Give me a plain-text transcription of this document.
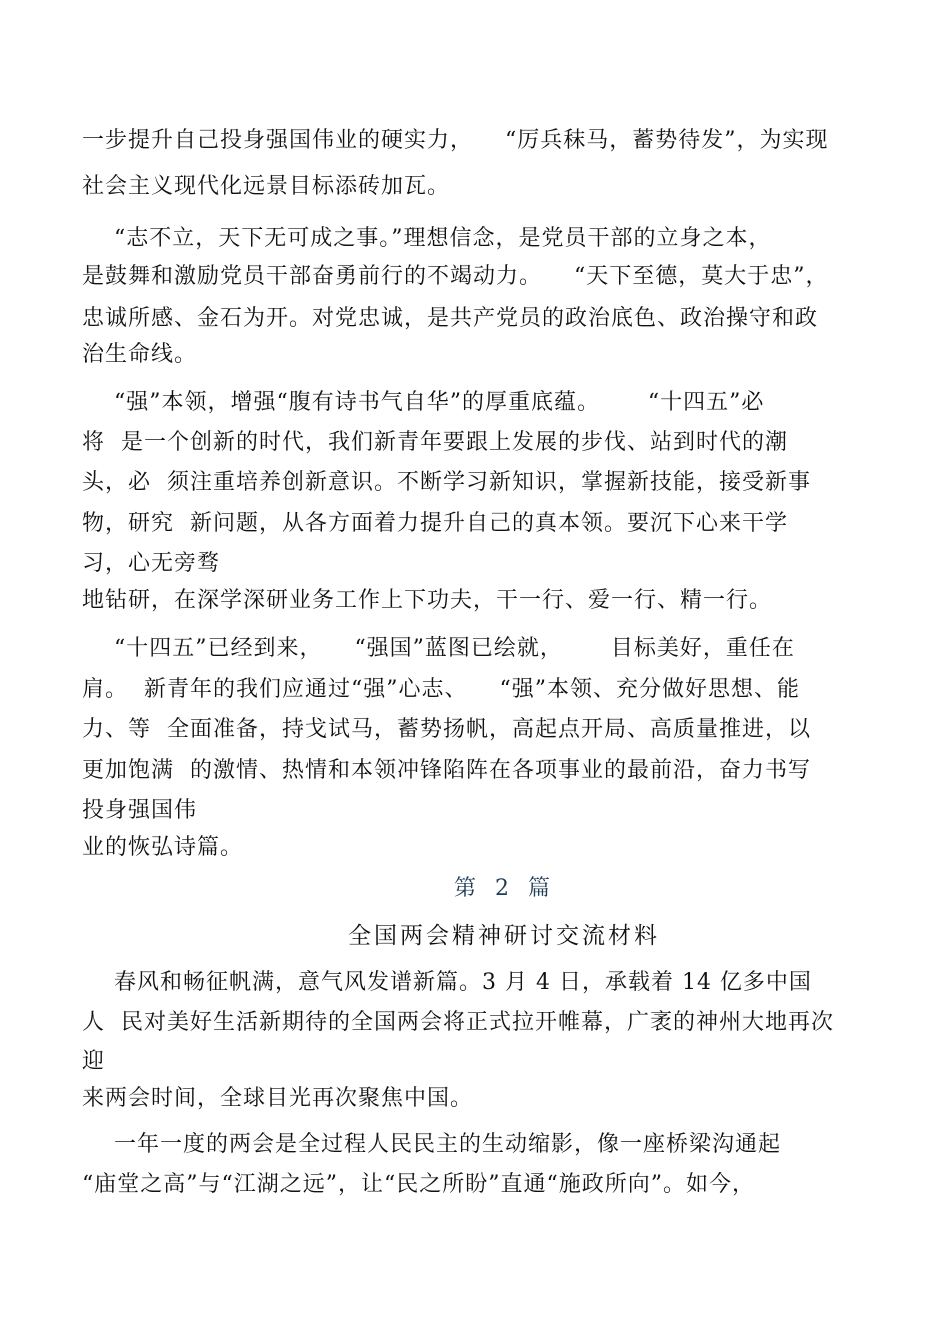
一步提升自己投身强国伟业的硬实力，    “厉兵秣马，蓄势待发”，为实现
社会主义现代化远景目标添砖加瓦。
“志不立，天下无可成之事。”理想信念，是党员干部的立身之本，
是鼓舞和激励党员干部奋勇前行的不竭动力。    “天下至德，莫大于忠”，
忠诚所感、金石为开。对党忠诚，是共产党员的政治底色、政治操守和政
治生命线。
“强”本领，增强“腹有诗书气自华”的厚重底蕴。      “十四五”必
将  是一个创新的时代，我们新青年要跟上发展的步伐、站到时代的潮
头，必  须注重培养创新意识。不断学习新知识，掌握新技能，接受新事
物，研究  新问题，从各方面着力提升自己的真本领。要沉下心来干学
习，心无旁骛
地钻研，在深学深研业务工作上下功夫，干一行、爱一行、精一行。
“十四五”已经到来，    “强国”蓝图已绘就，      目标美好，重任在
肩。  新青年的我们应通过“强”心志、    “强”本领、充分做好思想、能
力、等  全面准备，持戈试马，蓄势扬帆，高起点开局、高质量推进，以
更加饱满  的激情、热情和本领冲锋陷阵在各项事业的最前沿，奋力书写
投身强国伟
业的恢弘诗篇。
第 2 篇
全国两会精神研讨交流材料
春风和畅征帆满，意气风发谱新篇。3 月 4 日，承载着 14 亿多中国
人  民对美好生活新期待的全国两会将正式拉开帷幕，广袤的神州大地再次
迎
来两会时间，全球目光再次聚焦中国。
一年一度的两会是全过程人民民主的生动缩影，像一座桥梁沟通起
“庙堂之高”与“江湖之远”，让“民之所盼”直通“施政所向”。如今，
